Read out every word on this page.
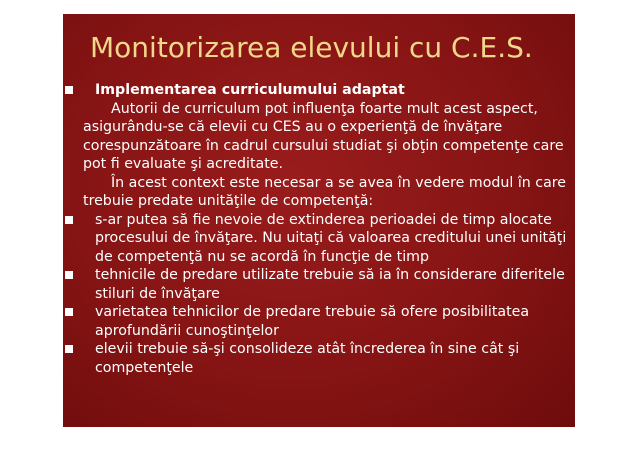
Monitorizarea elevului cu C.E.S.
Implementarea curriculumului adaptat
Autorii de curriculum pot influenţa foarte mult acest aspect, asigurându-se că elevii cu CES au o experienţă de învăţare corespunzătoare în cadrul cursului studiat şi obţin competenţe care pot fi evaluate şi acreditate.
În acest context este necesar a se avea în vedere modul în care trebuie predate unităţile de competenţă:
s-ar putea să fie nevoie de extinderea perioadei de timp alocate procesului de învăţare. Nu uitaţi că valoarea creditului unei unităţi de competenţă nu se acordă în funcţie de timp
tehnicile de predare utilizate trebuie să ia în considerare diferitele stiluri de învăţare
varietatea tehnicilor de predare trebuie să ofere posibilitatea aprofundării cunoştinţelor
elevii trebuie să-şi consolideze atât încrederea în sine cât şi competenţele
